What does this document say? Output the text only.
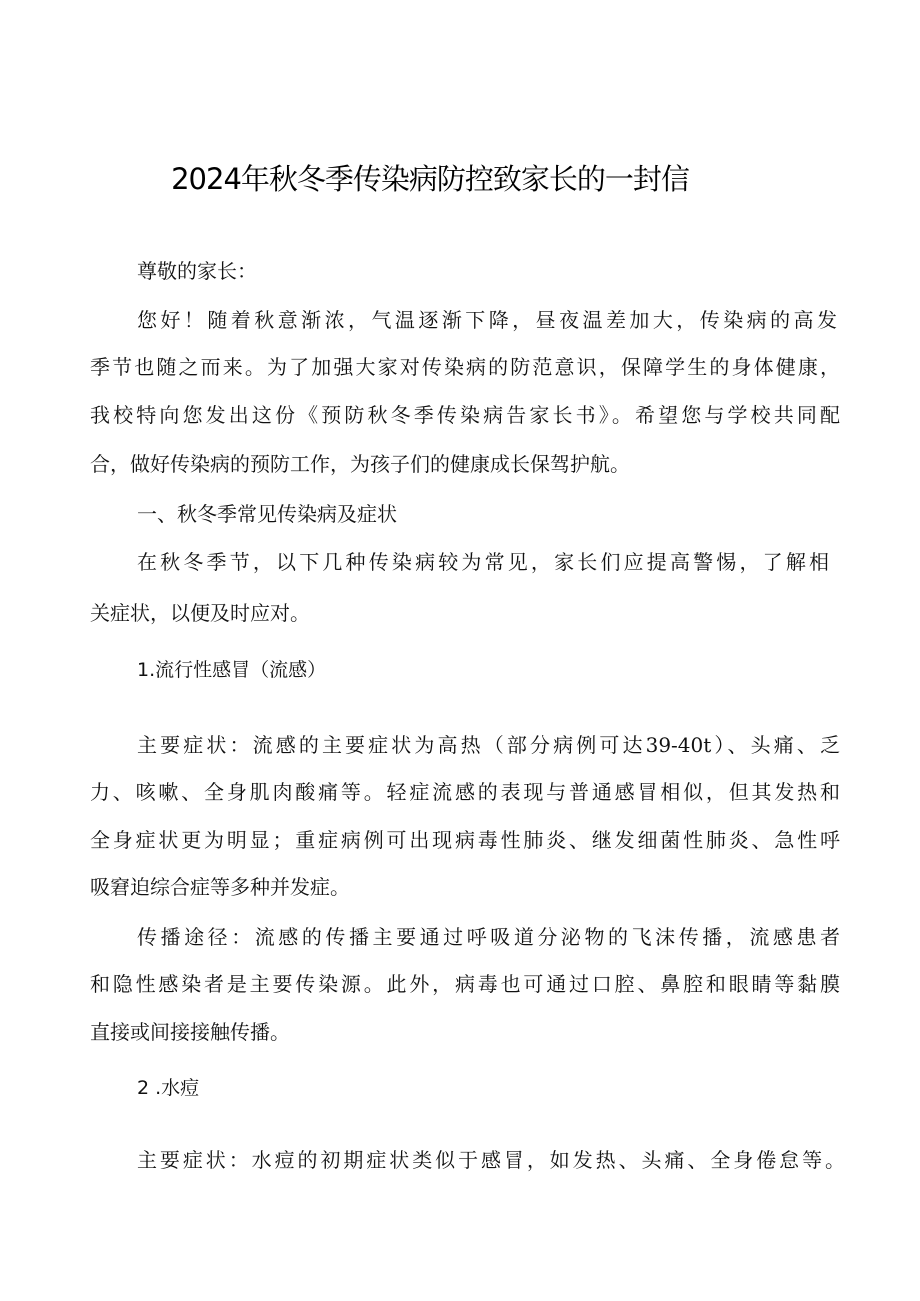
2024年秋冬季传染病防控致家长的一封信
尊敬的家长：
您好！随着秋意渐浓，气温逐渐下降，昼夜温差加大，传染病的高发
季节也随之而来。为了加强大家对传染病的防范意识，保障学生的身体健康，
我校特向您发出这份《预防秋冬季传染病告家长书》。希望您与学校共同配
合，做好传染病的预防工作，为孩子们的健康成长保驾护航。
一、秋冬季常见传染病及症状
在秋冬季节，以下几种传染病较为常见，家长们应提高警惕，了解相
关症状，以便及时应对。
1.流行性感冒（流感）
主要症状：流感的主要症状为高热（部分病例可达39-40t）、头痛、乏
力、咳嗽、全身肌肉酸痛等。轻症流感的表现与普通感冒相似，但其发热和
全身症状更为明显；重症病例可出现病毒性肺炎、继发细菌性肺炎、急性呼
吸窘迫综合症等多种并发症。
传播途径：流感的传播主要通过呼吸道分泌物的飞沫传播，流感患者
和隐性感染者是主要传染源。此外，病毒也可通过口腔、鼻腔和眼睛等黏膜
直接或间接接触传播。
2 .水痘
主要症状：水痘的初期症状类似于感冒，如发热、头痛、全身倦怠等。
